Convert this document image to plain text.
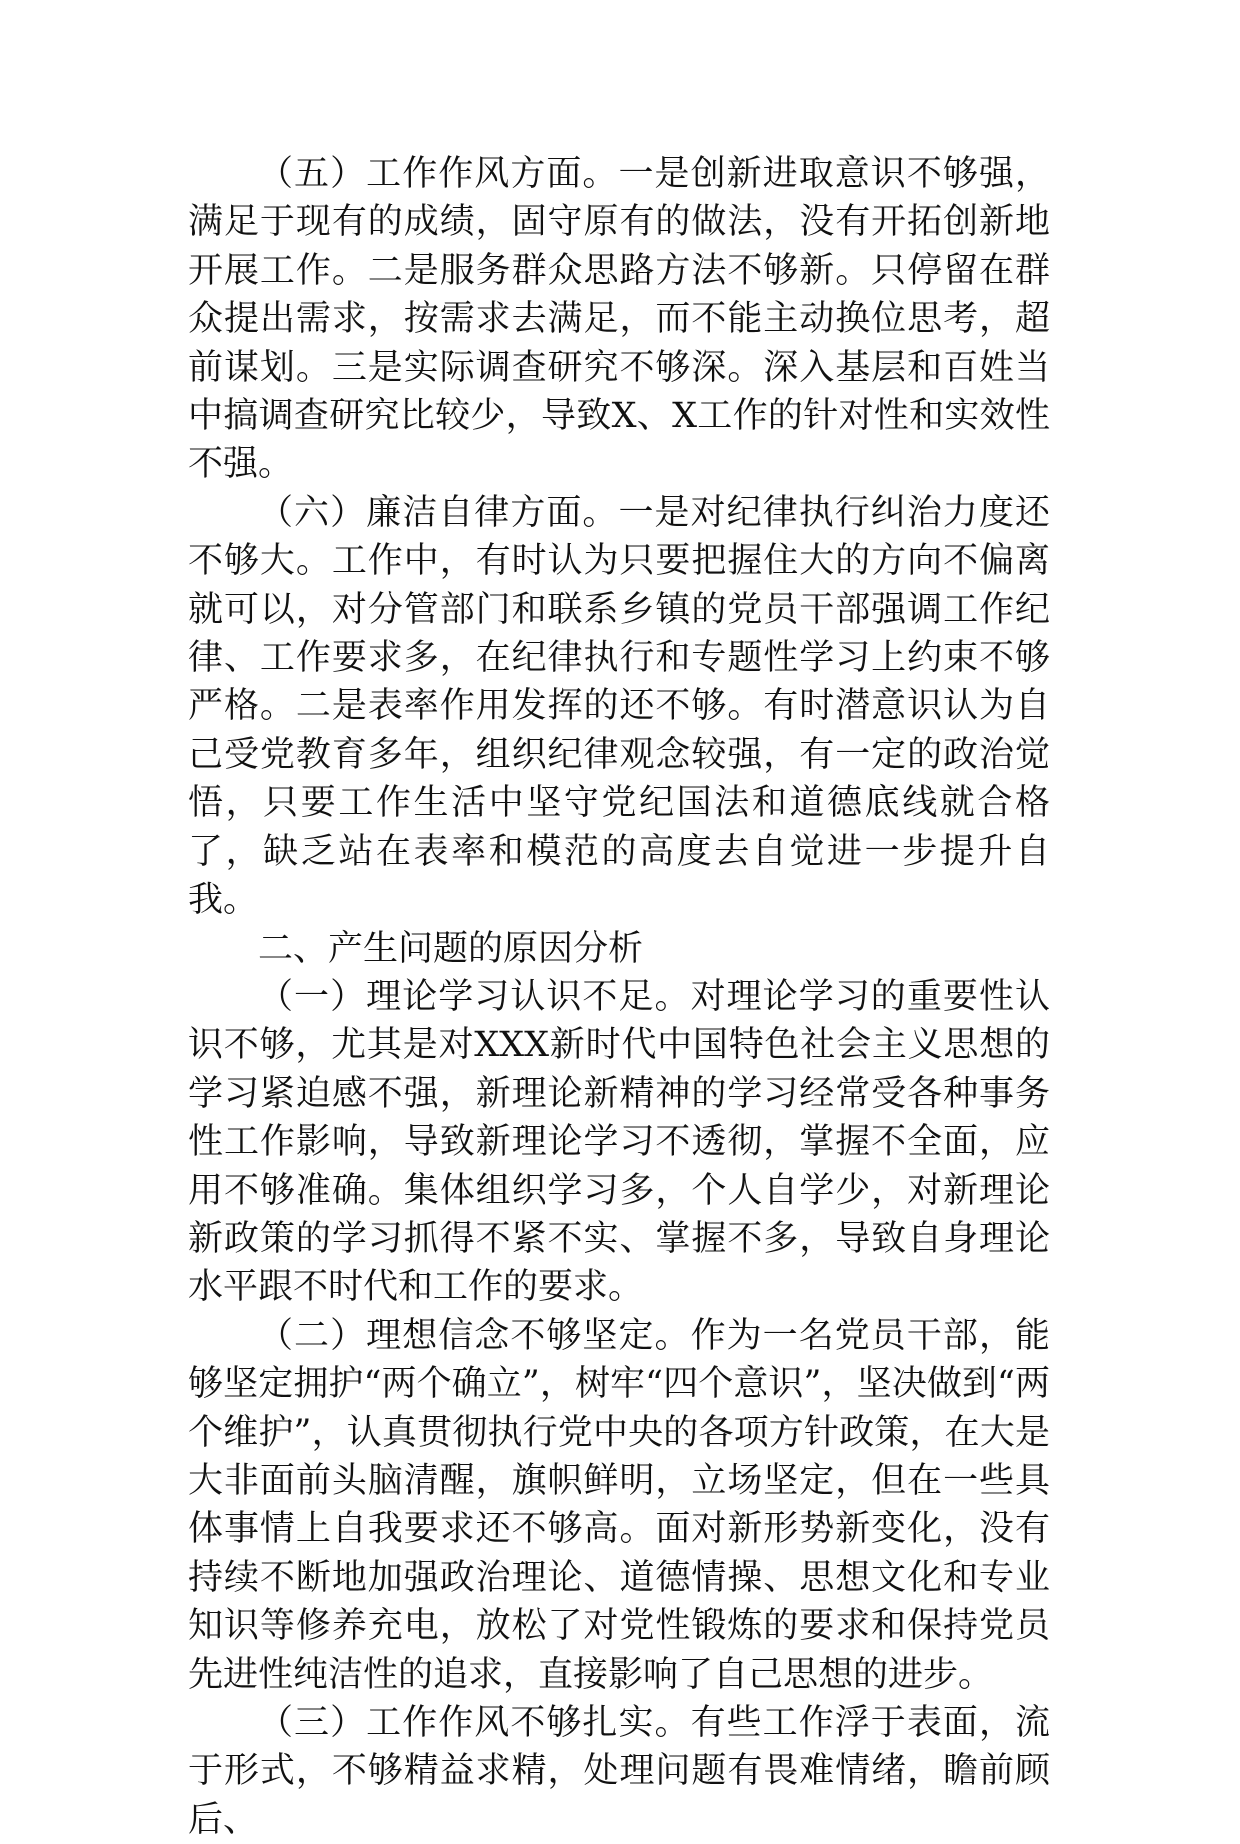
（五）工作作风方面。一是创新进取意识不够强，满足于现有的成绩，固守原有的做法，没有开拓创新地开展工作。二是服务群众思路方法不够新。只停留在群众提出需求，按需求去满足，而不能主动换位思考，超前谋划。三是实际调查研究不够深。深入基层和百姓当中搞调查研究比较少，导致X、X工作的针对性和实效性不强。

（六）廉洁自律方面。一是对纪律执行纠治力度还不够大。工作中，有时认为只要把握住大的方向不偏离就可以，对分管部门和联系乡镇的党员干部强调工作纪律、工作要求多，在纪律执行和专题性学习上约束不够严格。二是表率作用发挥的还不够。有时潜意识认为自己受党教育多年，组织纪律观念较强，有一定的政治觉悟，只要工作生活中坚守党纪国法和道德底线就合格了，缺乏站在表率和模范的高度去自觉进一步提升自我。

二、产生问题的原因分析

（一）理论学习认识不足。对理论学习的重要性认识不够，尤其是对XXX新时代中国特色社会主义思想的学习紧迫感不强，新理论新精神的学习经常受各种事务性工作影响，导致新理论学习不透彻，掌握不全面，应用不够准确。集体组织学习多，个人自学少，对新理论新政策的学习抓得不紧不实、掌握不多，导致自身理论水平跟不时代和工作的要求。

（二）理想信念不够坚定。作为一名党员干部，能够坚定拥护“两个确立”，树牢“四个意识”，坚决做到“两个维护”，认真贯彻执行党中央的各项方针政策，在大是大非面前头脑清醒，旗帜鲜明，立场坚定，但在一些具体事情上自我要求还不够高。面对新形势新变化，没有持续不断地加强政治理论、道德情操、思想文化和专业知识等修养充电，放松了对党性锻炼的要求和保持党员先进性纯洁性的追求，直接影响了自己思想的进步。

（三）工作作风不够扎实。有些工作浮于表面，流于形式，不够精益求精，处理问题有畏难情绪，瞻前顾后、
